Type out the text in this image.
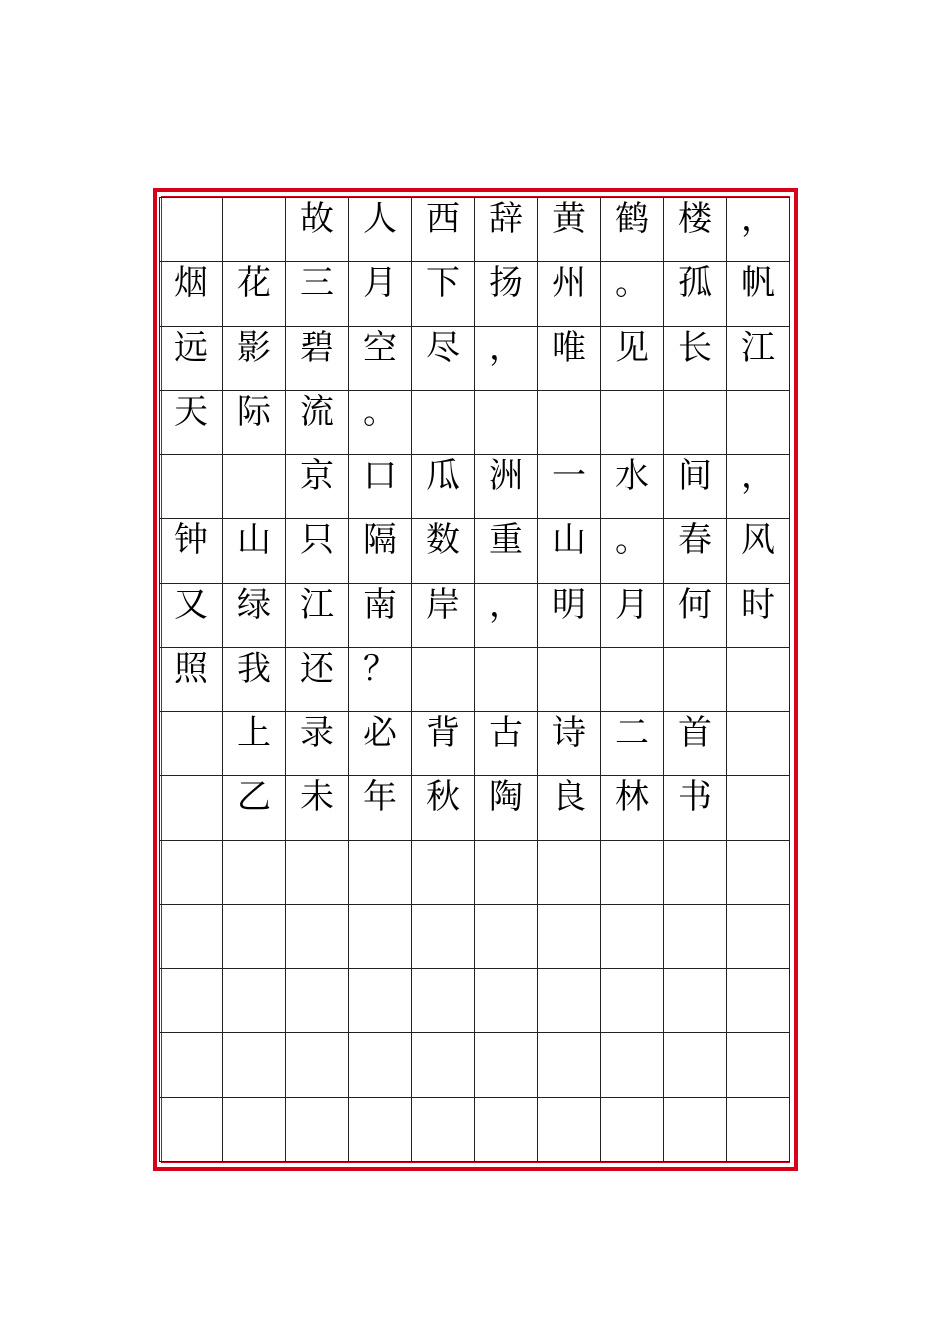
故 人 西 辞 黄 鹤 楼 ，
烟 花 三 月 下 扬 州 。 孤 帆
远 影 碧 空 尽 ， 唯 见 长 江
天 际 流 。
京 口 瓜 洲 一 水 间 ，
钟 山 只 隔 数 重 山 。 春 风
又 绿 江 南 岸 ， 明 月 何 时
照 我 还 ？
上 录 必 背 古 诗 二 首
乙 未 年 秋 陶 良 林 书
